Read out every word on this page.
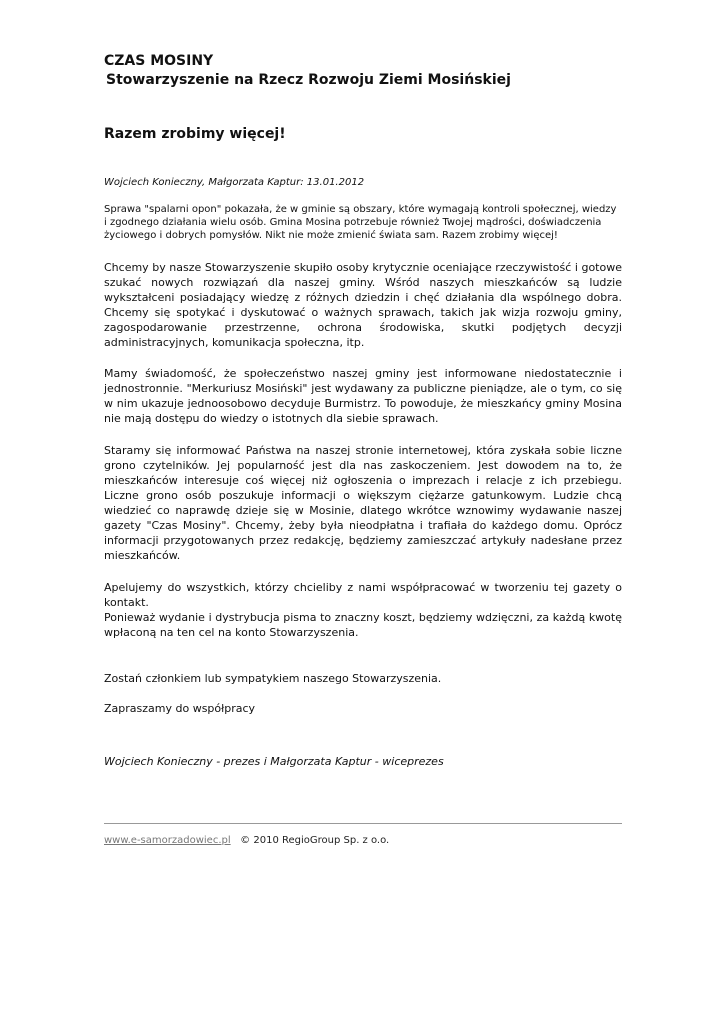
CZAS MOSINY
Stowarzyszenie na Rzecz Rozwoju Ziemi Mosińskiej
Razem zrobimy więcej!

Wojciech Konieczny, Małgorzata Kaptur: 13.01.2012

Sprawa "spalarni opon" pokazała, że w gminie są obszary, które wymagają kontroli społecznej, wiedzy i zgodnego działania wielu osób. Gmina Mosina potrzebuje również Twojej mądrości, doświadczenia życiowego i dobrych pomysłów. Nikt nie może zmienić świata sam. Razem zrobimy więcej!

Chcemy by nasze Stowarzyszenie skupiło osoby krytycznie oceniające rzeczywistość i gotowe szukać nowych rozwiązań dla naszej gminy. Wśród naszych mieszkańców są ludzie wykształceni posiadający wiedzę z różnych dziedzin i chęć działania dla wspólnego dobra. Chcemy się spotykać i dyskutować o ważnych sprawach, takich jak wizja rozwoju gminy, zagospodarowanie przestrzenne, ochrona środowiska, skutki podjętych decyzji administracyjnych, komunikacja społeczna, itp.

Mamy świadomość, że społeczeństwo naszej gminy jest informowane niedostatecznie i jednostronnie. "Merkuriusz Mosiński" jest wydawany za publiczne pieniądze, ale o tym, co się w nim ukazuje jednoosobowo decyduje Burmistrz. To powoduje, że mieszkańcy gminy Mosina nie mają dostępu do wiedzy o istotnych dla siebie sprawach.

Staramy się informować Państwa na naszej stronie internetowej, która zyskała sobie liczne grono czytelników. Jej popularność jest dla nas zaskoczeniem. Jest dowodem na to, że mieszkańców interesuje coś więcej niż ogłoszenia o imprezach i relacje z ich przebiegu. Liczne grono osób poszukuje informacji o większym ciężarze gatunkowym. Ludzie chcą wiedzieć co naprawdę dzieje się w Mosinie, dlatego wkrótce wznowimy wydawanie naszej gazety "Czas Mosiny". Chcemy, żeby była nieodpłatna i trafiała do każdego domu. Oprócz informacji przygotowanych przez redakcję, będziemy zamieszczać artykuły nadesłane przez mieszkańców.

Apelujemy do wszystkich, którzy chcieliby z nami współpracować w tworzeniu tej gazety o kontakt.
Ponieważ wydanie i dystrybucja pisma to znaczny koszt, będziemy wdzięczni, za każdą kwotę wpłaconą na ten cel na konto Stowarzyszenia.

Zostań członkiem lub sympatykiem naszego Stowarzyszenia.

Zapraszamy do współpracy

Wojciech Konieczny - prezes i Małgorzata Kaptur - wiceprezes

www.e-samorzadowiec.pl © 2010 RegioGroup Sp. z o.o.
